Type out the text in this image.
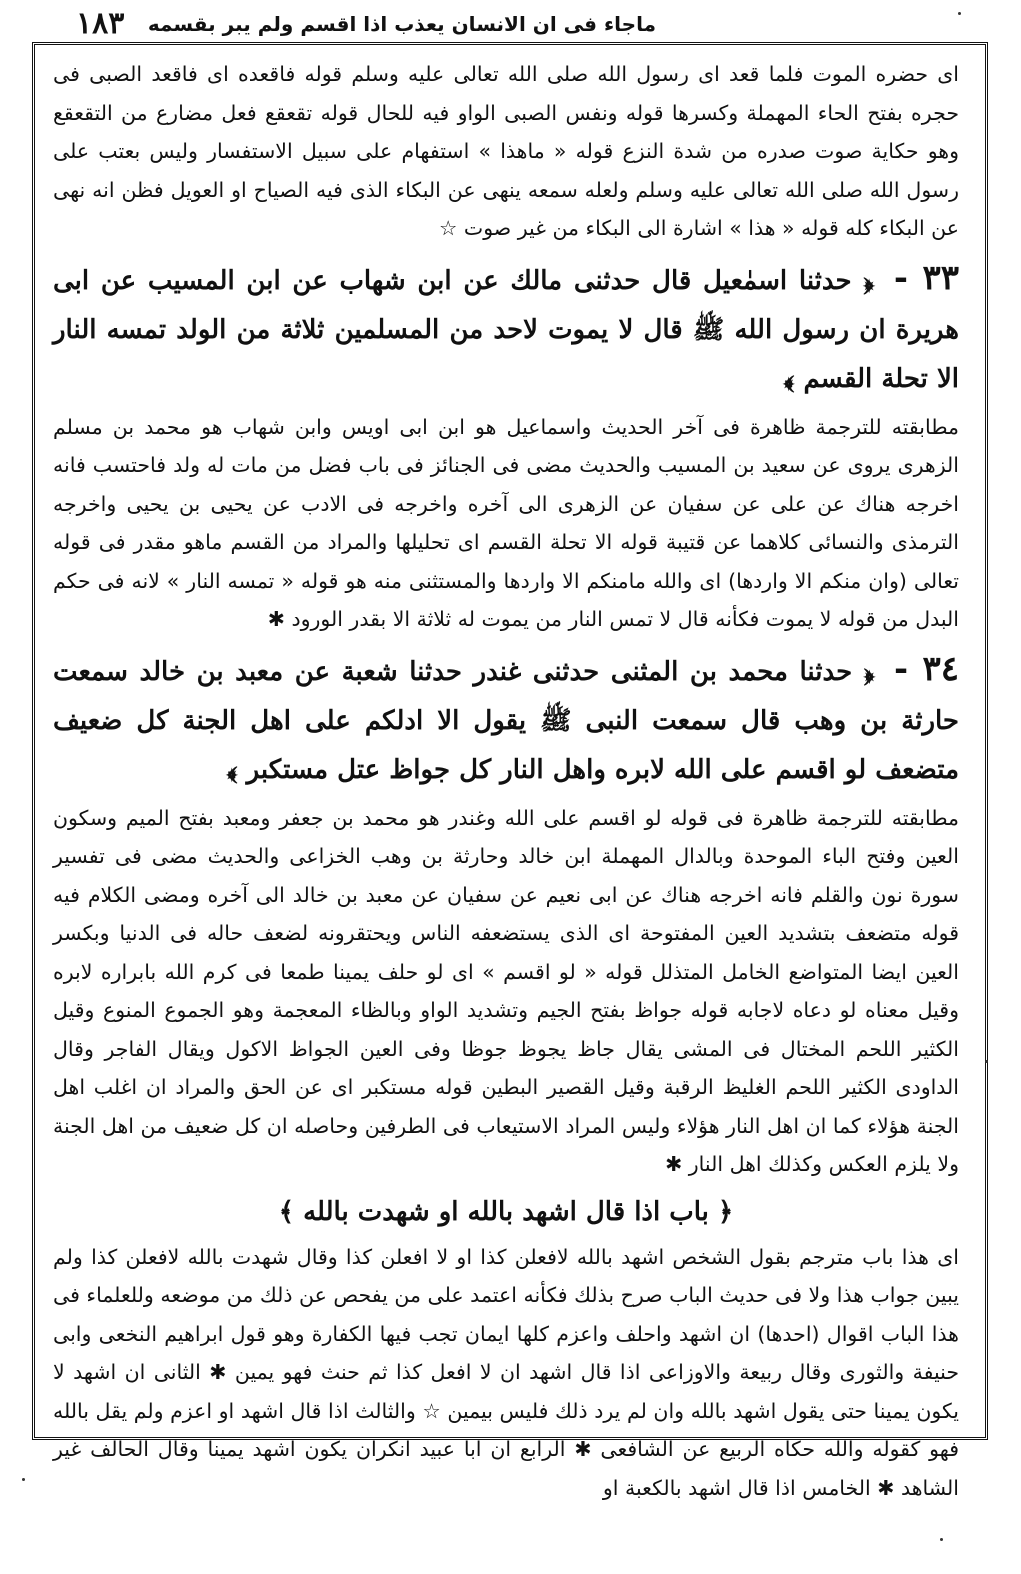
ماجاء فى ان الانسان يعذب اذا اقسم ولم يبر بقسمه
١٨٣

اى حضره الموت فلما قعد اى رسول الله صلى الله تعالى عليه وسلم قوله فاقعده اى فاقعد الصبى فى حجره بفتح الحاء المهملة وكسرها قوله ونفس الصبى الواو فيه للحال قوله تقعقع فعل مضارع من التقعقع وهو حكاية صوت صدره من شدة النزع قوله « ماهذا » استفهام على سبيل الاستفسار وليس بعتب على رسول الله صلى الله تعالى عليه وسلم ولعله سمعه ينهى عن البكاء الذى فيه الصياح او العويل فظن انه نهى عن البكاء كله قوله « هذا » اشارة الى البكاء من غير صوت ☆

٣٣ - ﴿ حدثنا اسمٰعيل قال حدثنى مالك عن ابن شهاب عن ابن المسيب عن ابى هريرة ان رسول الله ﷺ قال لا يموت لاحد من المسلمين ثلاثة من الولد تمسه النار الا تحلة القسم ﴾

مطابقته للترجمة ظاهرة فى آخر الحديث واسماعيل هو ابن ابى اويس وابن شهاب هو محمد بن مسلم الزهرى يروى عن سعيد بن المسيب والحديث مضى فى الجنائز فى باب فضل من مات له ولد فاحتسب فانه اخرجه هناك عن على عن سفيان عن الزهرى الى آخره واخرجه فى الادب عن يحيى بن يحيى واخرجه الترمذى والنسائى كلاهما عن قتيبة قوله الا تحلة القسم اى تحليلها والمراد من القسم ماهو مقدر فى قوله تعالى (وان منكم الا واردها) اى والله مامنكم الا واردها والمستثنى منه هو قوله « تمسه النار » لانه فى حكم البدل من قوله لا يموت فكأنه قال لا تمس النار من يموت له ثلاثة الا بقدر الورود ✱

٣٤ - ﴿ حدثنا محمد بن المثنى حدثنى غندر حدثنا شعبة عن معبد بن خالد سمعت حارثة بن وهب قال سمعت النبى ﷺ يقول الا ادلكم على اهل الجنة كل ضعيف متضعف لو اقسم على الله لابره واهل النار كل جواظ عتل مستكبر ﴾

مطابقته للترجمة ظاهرة فى قوله لو اقسم على الله وغندر هو محمد بن جعفر ومعبد بفتح الميم وسكون العين وفتح الباء الموحدة وبالدال المهملة ابن خالد وحارثة بن وهب الخزاعى والحديث مضى فى تفسير سورة نون والقلم فانه اخرجه هناك عن ابى نعيم عن سفيان عن معبد بن خالد الى آخره ومضى الكلام فيه قوله متضعف بتشديد العين المفتوحة اى الذى يستضعفه الناس ويحتقرونه لضعف حاله فى الدنيا وبكسر العين ايضا المتواضع الخامل المتذلل قوله « لو اقسم » اى لو حلف يمينا طمعا فى كرم الله بابراره لابره وقيل معناه لو دعاه لاجابه قوله جواظ بفتح الجيم وتشديد الواو وبالظاء المعجمة وهو الجموع المنوع وقيل الكثير اللحم المختال فى المشى يقال جاظ يجوظ جوظا وفى العين الجواظ الاكول ويقال الفاجر وقال الداودى الكثير اللحم الغليظ الرقبة وقيل القصير البطين قوله مستكبر اى عن الحق والمراد ان اغلب اهل الجنة هؤلاء كما ان اهل النار هؤلاء وليس المراد الاستيعاب فى الطرفين وحاصله ان كل ضعيف من اهل الجنة ولا يلزم العكس وكذلك اهل النار ✱

﴿ باب اذا قال اشهد بالله او شهدت بالله ﴾

اى هذا باب مترجم بقول الشخص اشهد بالله لافعلن كذا او لا افعلن كذا وقال شهدت بالله لافعلن كذا ولم يبين جواب هذا ولا فى حديث الباب صرح بذلك فكأنه اعتمد على من يفحص عن ذلك من موضعه وللعلماء فى هذا الباب اقوال (احدها) ان اشهد واحلف واعزم كلها ايمان تجب فيها الكفارة وهو قول ابراهيم النخعى وابى حنيفة والثورى وقال ربيعة والاوزاعى اذا قال اشهد ان لا افعل كذا ثم حنث فهو يمين ✱ الثانى ان اشهد لا يكون يمينا حتى يقول اشهد بالله وان لم يرد ذلك فليس بيمين ☆ والثالث اذا قال اشهد او اعزم ولم يقل بالله فهو كقوله والله حكاه الربيع عن الشافعى ✱ الرابع ان ابا عبيد انكران يكون اشهد يمينا وقال الحالف غير الشاهد ✱ الخامس اذا قال اشهد بالكعبة او
